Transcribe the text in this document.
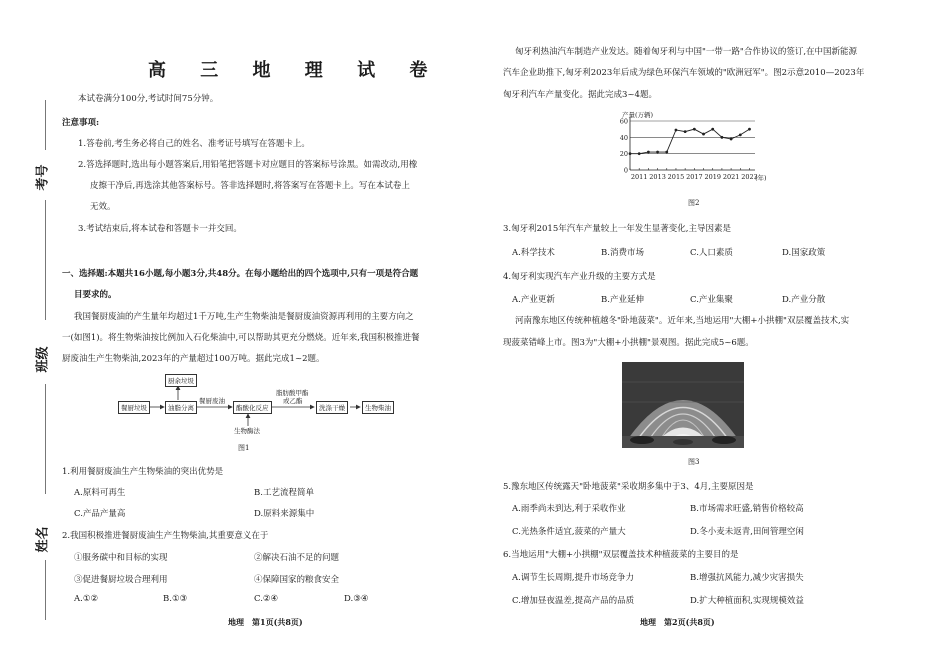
考号
班级
姓名
高 三 地 理 试 卷
本试卷满分100分,考试时间75分钟。
注意事项:
1.答卷前,考生务必将自己的姓名、准考证号填写在答题卡上。
2.答选择题时,选出每小题答案后,用铅笔把答题卡对应题目的答案标号涂黑。如需改动,用橡
皮擦干净后,再选涂其他答案标号。答非选择题时,将答案写在答题卡上。写在本试卷上
无效。
3.考试结束后,将本试卷和答题卡一并交回。
一、选择题:本题共16小题,每小题3分,共48分。在每小题给出的四个选项中,只有一项是符合题
目要求的。
我国餐厨废油的产生量年均超过1千万吨,生产生物柴油是餐厨废油资源再利用的主要方向之
一(如图1)。将生物柴油按比例加入石化柴油中,可以帮助其更充分燃烧。近年来,我国积极推进餐
厨废油生产生物柴油,2023年的产量超过100万吨。据此完成1~2题。
餐厨垃圾	油脂分离
厨余垃圾
餐厨废油
酯酸化反应
脂肪酸甲酯
或乙酯
洗涤干燥	生物柴油
生物酶法
图1
1.利用餐厨废油生产生物柴油的突出优势是
A.原料可再生	B.工艺流程简单
C.产品产量高	D.原料来源集中
2.我国积极推进餐厨废油生产生物柴油,其重要意义在于
①服务碳中和目标的实现	②解决石油不足的问题
③促进餐厨垃圾合理利用	④保障国家的粮食安全
A.①②	B.①③	C.②④	D.③④
地理　第1页(共8页)
匈牙利热油汽车制造产业发达。随着匈牙利与中国"一带一路"合作协议的签订,在中国新能源
汽车企业助推下,匈牙利2023年后成为绿色环保汽车领域的"欧洲冠军"。图2示意2010—2023年
匈牙利汽车产量变化。据此完成3~4题。
0
20
40
60
2011 2013 2015 2017 2019 2021 2023
产量(万辆)
(年)
图2
3.匈牙利2015年汽车产量较上一年发生显著变化,主导因素是
A.科学技术	B.消费市场	C.人口素质	D.国家政策
4.匈牙利实现汽车产业升级的主要方式是
A.产业更新	B.产业延伸	C.产业集聚	D.产业分散
河南豫东地区传统种植越冬"卧地菠菜"。近年来,当地运用"大棚+小拱棚"双层覆盖技术,实
现菠菜错峰上市。图3为"大棚+小拱棚"景观图。据此完成5~6题。
图3
5.豫东地区传统露天"卧地菠菜"采收期多集中于3、4月,主要原因是
A.雨季尚未到达,利于采收作业	B.市场需求旺盛,销售价格较高
C.光热条件适宜,菠菜的产量大	D.冬小麦未返青,田间管理空闲
6.当地运用"大棚+小拱棚"双层覆盖技术种植菠菜的主要目的是
A.调节生长周期,提升市场竞争力	B.增强抗风能力,减少灾害损失
C.增加昼夜温差,提高产品的品质	D.扩大种植面积,实现规模效益
地理　第2页(共8页)
